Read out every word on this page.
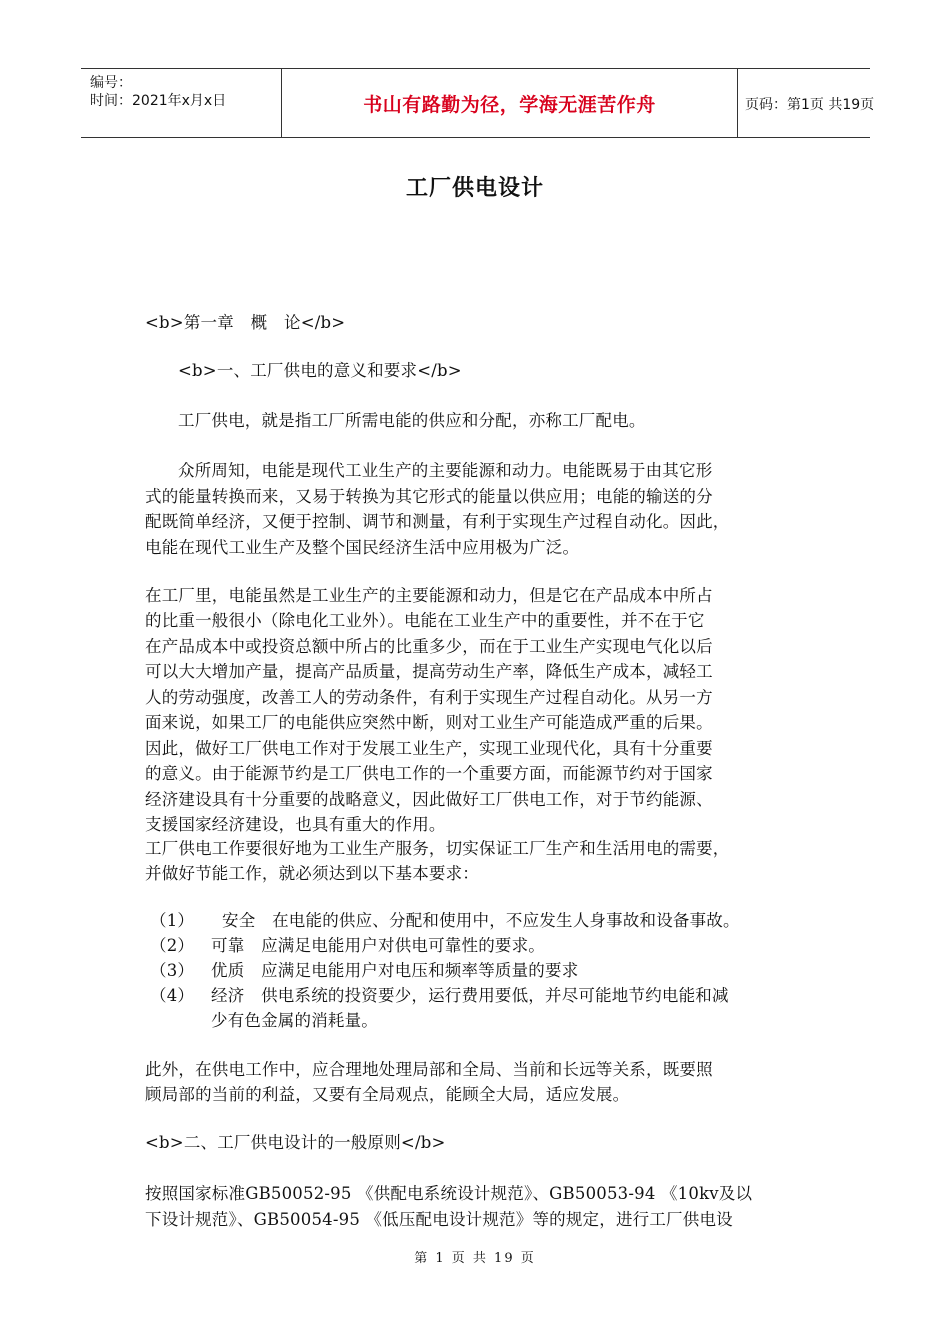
编号：
时间：2021年x月x日	书山有路勤为径，学海无涯苦作舟	页码：第1页 共19页
工厂供电设计
<b>第一章　概　论</b>
<b>一、工厂供电的意义和要求</b>
工厂供电，就是指工厂所需电能的供应和分配，亦称工厂配电。
众所周知，电能是现代工业生产的主要能源和动力。电能既易于由其它形
式的能量转换而来，又易于转换为其它形式的能量以供应用；电能的输送的分
配既简单经济，又便于控制、调节和测量，有利于实现生产过程自动化。因此，
电能在现代工业生产及整个国民经济生活中应用极为广泛。
在工厂里，电能虽然是工业生产的主要能源和动力，但是它在产品成本中所占
的比重一般很小（除电化工业外）。电能在工业生产中的重要性，并不在于它
在产品成本中或投资总额中所占的比重多少，而在于工业生产实现电气化以后
可以大大增加产量，提高产品质量，提高劳动生产率，降低生产成本，减轻工
人的劳动强度，改善工人的劳动条件，有利于实现生产过程自动化。从另一方
面来说，如果工厂的电能供应突然中断，则对工业生产可能造成严重的后果。
因此，做好工厂供电工作对于发展工业生产，实现工业现代化，具有十分重要
的意义。由于能源节约是工厂供电工作的一个重要方面，而能源节约对于国家
经济建设具有十分重要的战略意义，因此做好工厂供电工作，对于节约能源、
支援国家经济建设，也具有重大的作用。
工厂供电工作要很好地为工业生产服务，切实保证工厂生产和生活用电的需要，
并做好节能工作，就必须达到以下基本要求：
（1） 安全　在电能的供应、分配和使用中，不应发生人身事故和设备事故。
（2） 可靠　应满足电能用户对供电可靠性的要求。
（3） 优质　应满足电能用户对电压和频率等质量的要求
（4） 经济　供电系统的投资要少，运行费用要低，并尽可能地节约电能和减
少有色金属的消耗量。
此外，在供电工作中，应合理地处理局部和全局、当前和长远等关系，既要照
顾局部的当前的利益，又要有全局观点，能顾全大局，适应发展。
<b>二、工厂供电设计的一般原则</b>
按照国家标准GB50052-95 《供配电系统设计规范》、GB50053-94 《10kv及以
下设计规范》、GB50054-95 《低压配电设计规范》等的规定，进行工厂供电设
第 1 页 共 19 页
